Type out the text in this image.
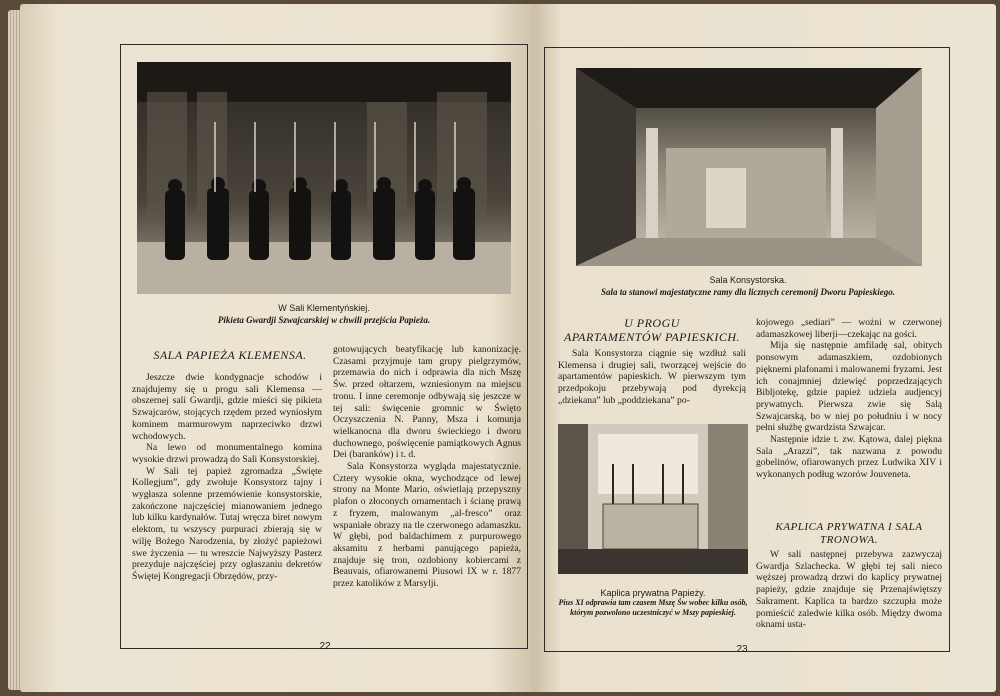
W Sali Klementyńskiej.
Pikieta Gwardji Szwajcarskiej w chwili przejścia Papieża.
SALA PAPIEŻA KLEMENSA.

Jeszcze dwie kondygnacje schodów i znajdujemy się u progu sali Klemensa — obszernej sali Gwardji, gdzie mieści się pikieta Szwajcarów, stojących rzędem przed wyniosłym kominem marmurowym naprzeciwko drzwi wchodowych.

Na lewo od monumentalnego komina wysokie drzwi prowadzą do Sali Konsystorskiej.

W Sali tej papież zgromadza „Święte Kollegjum”, gdy zwołuje Konsystorz tajny i wygłasza solenne przemówienie konsystorskie, zakończone najczęściej mianowaniem jednego lub kilku kardynałów. Tutaj wręcza biret nowym elektom, tu wszyscy purpuraci zbierają się w wilję Bożego Narodzenia, by złożyć papieżowi swe życzenia — tu wreszcie Najwyższy Pasterz prezyduje najczęściej przy ogłaszaniu dekretów Świętej Kongregacji Obrzędów, przy-

gotowujących beatyfikację lub kanonizację. Czasami przyjmuje tam grupy pielgrzymów, przemawia do nich i odprawia dla nich Mszę Św. przed ołtarzem, wzniesionym na miejscu tronu. I inne ceremonje odbywają się jeszcze w tej sali: święcenie gromnic w Święto Oczyszczenia N. Panny, Msza i komunja wielkanocna dla dworu świeckiego i dworu duchownego, poświęcenie pamiątkowych Agnus Dei (baranków) i t. d.

Sala Konsystorza wygląda majestatycznie. Cztery wysokie okna, wychodzące od lewej strony na Monte Mario, oświetlają przepyszny plafon o złoconych ornamentach i ścianę prawą z fryzem, malowanym „al-fresco” oraz wspaniałe obrazy na tle czerwonego adamaszku. W głębi, pod baldachimem z purpurowego aksamitu z herbami panującego papieża, znajduje się tron, ozdobiony kobiercami z Beauvais, ofiarowanemi Piusowi IX w r. 1877 przez katolików z Marsylji.

22
Sala Konsystorska.
Sala ta stanowi majestatyczne ramy dla licznych ceremonij Dworu Papieskiego.
U PROGU
APARTAMENTÓW PAPIESKICH.

Sala Konsystorza ciągnie się wzdłuż sali Klemensa i drugiej sali, tworzącej wejście do apartamentów papieskich. W pierwszym tym przedpokoju przebywają pod dyrekcją „dziekana” lub „poddziekana” po-

Kaplica prywatna Papieży.
Pius XI odprawia tam czasem Mszę Św wobec kilku osób, którym pozwolono uczestniczyć w Mszy papieskiej.

kojowego „sediari” — woźni w czerwonej adamaszkowej liberji—czekając na gości.

Mija się następnie amfiladę sal, obitych ponsowym adamaszkiem, ozdobionych pięknemi plafonami i malowanemi fryzami. Jest ich conajmniej dziewięć poprzedzających Bibljotekę, gdzie papież udziela audjencyj prywatnych. Pierwsza zwie się Salą Szwajcarską, bo w niej po południu i w nocy pełni służbę gwardzista Szwajcar.

Następnie idzie t. zw. Kątowa, dalej piękna Sala „Arazzi”, tak nazwana z powodu gobelinów, ofiarowanych przez Ludwika XIV i wykonanych podług wzorów Jouveneta.

KAPLICA PRYWATNA I SALA
TRONOWA.

W sali następnej przebywa zazwyczaj Gwardja Szlachecka. W głębi tej sali nieco węższej prowadzą drzwi do kaplicy prywatnej papieży, gdzie znajduje się Przenajświętszy Sakrament. Kaplica ta bardzo szczupła może pomieścić zaledwie kilka osób. Między dwoma oknami usta-

23
